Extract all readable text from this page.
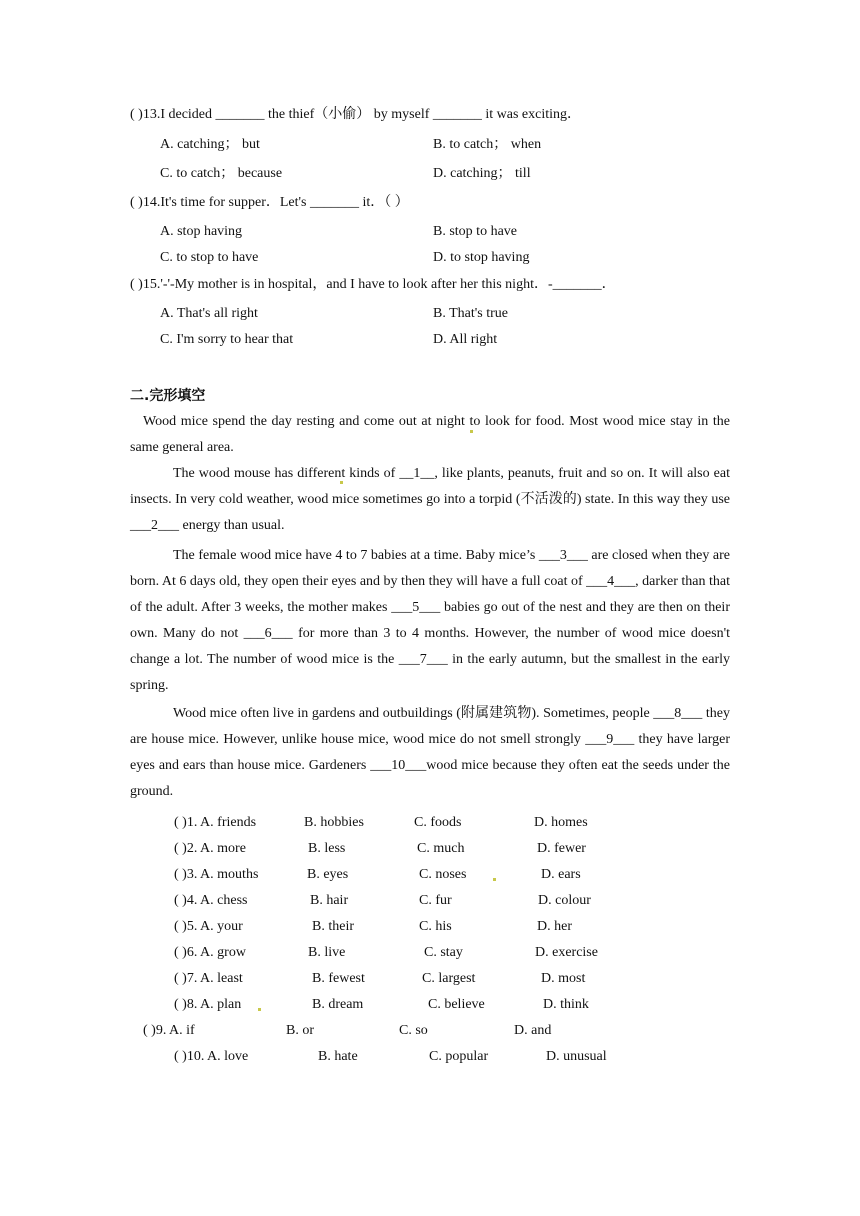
( )13.I decided _______ the thief（小偷） by myself _______ it was exciting．
A. catching； but	B. to catch； when
C. to catch； because	D. catching； till
( )14.It's time for supper．Let's _______ it．（ ）
A. stop having	B. stop to have
C. to stop to have	D. to stop having
( )15.'-'-My mother is in hospital，and I have to look after her this night．-_______．
A. That's all right	B. That's true
C. I'm sorry to hear that	D. All right
二.完形填空

Wood mice spend the day resting and come out at night to look for food. Most wood mice stay in the same general area.

The wood mouse has different kinds of __1__, like plants, peanuts, fruit and so on. It will also eat insects. In very cold weather, wood mice sometimes go into a torpid (不活泼的) state. In this way they use ___2___ energy than usual.

The female wood mice have 4 to 7 babies at a time. Baby mice’s ___3___ are closed when they are born. At 6 days old, they open their eyes and by then they will have a full coat of ___4___, darker than that of the adult. After 3 weeks, the mother makes ___5___ babies go out of the nest and they are then on their own. Many do not ___6___ for more than 3 to 4 months. However, the number of wood mice doesn't change a lot. The number of wood mice is the ___7___ in the early autumn, but the smallest in the early spring.

Wood mice often live in gardens and outbuildings (附属建筑物). Sometimes, people ___8___ they are house mice. However, unlike house mice, wood mice do not smell strongly ___9___ they have larger eyes and ears than house mice. Gardeners ___10___wood mice because they often eat the seeds under the ground.

( )1. A. friends	B. hobbies	C. foods	D. homes
( )2. A. more	B. less	C. much	D. fewer
( )3. A. mouths	B. eyes	C. noses	D. ears
( )4. A. chess	B. hair	C. fur	D. colour
( )5. A. your	B. their	C. his	D. her
( )6. A. grow	B. live	C. stay	D. exercise
( )7. A. least	B. fewest	C. largest	D. most
( )8. A. plan	B. dream	C. believe	D. think
( )9. A. if	B. or	C. so	D. and
( )10. A. love	B. hate	C. popular	D. unusual
